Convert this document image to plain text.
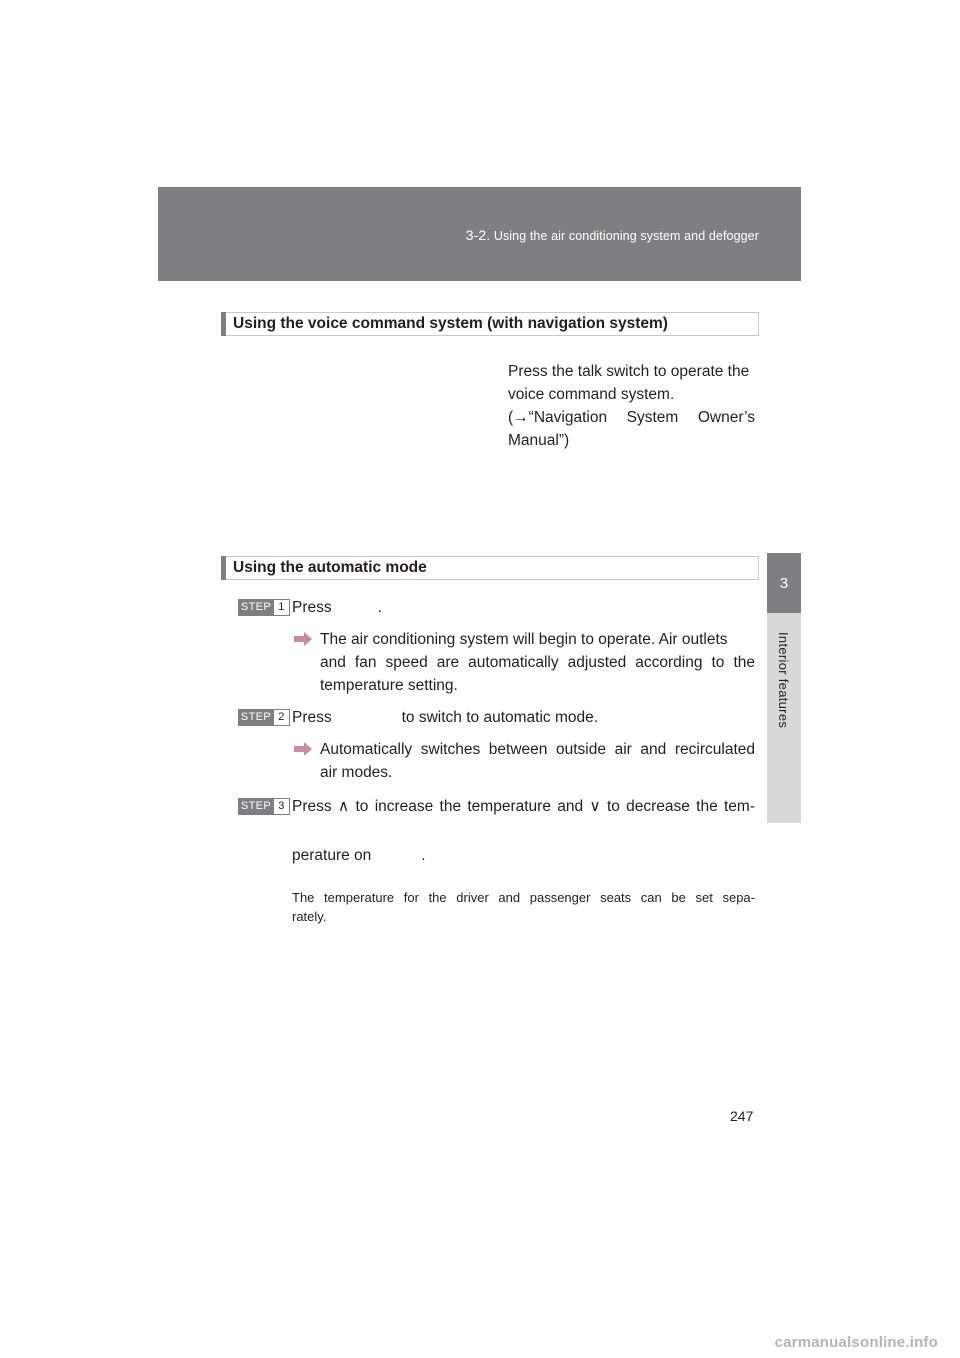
3-2. Using the air conditioning system and defogger
3
Interior features
Using the voice command system (with navigation system)
Press the talk switch to operate the
voice command system.
(→“Navigation System Owner’s
Manual”)
Using the automatic mode
STEP 1 Press	.
The air conditioning system will begin to operate. Air outlets
and fan speed are automatically adjusted according to the
temperature setting.
STEP 2 Press	to switch to automatic mode.
Automatically switches between outside air and recirculated
air modes.
STEP 3 Press ∧ to increase the temperature and ∨ to decrease the tem-
perature on	.
The temperature for the driver and passenger seats can be set sepa-
rately.
247
carmanualsonline.info
